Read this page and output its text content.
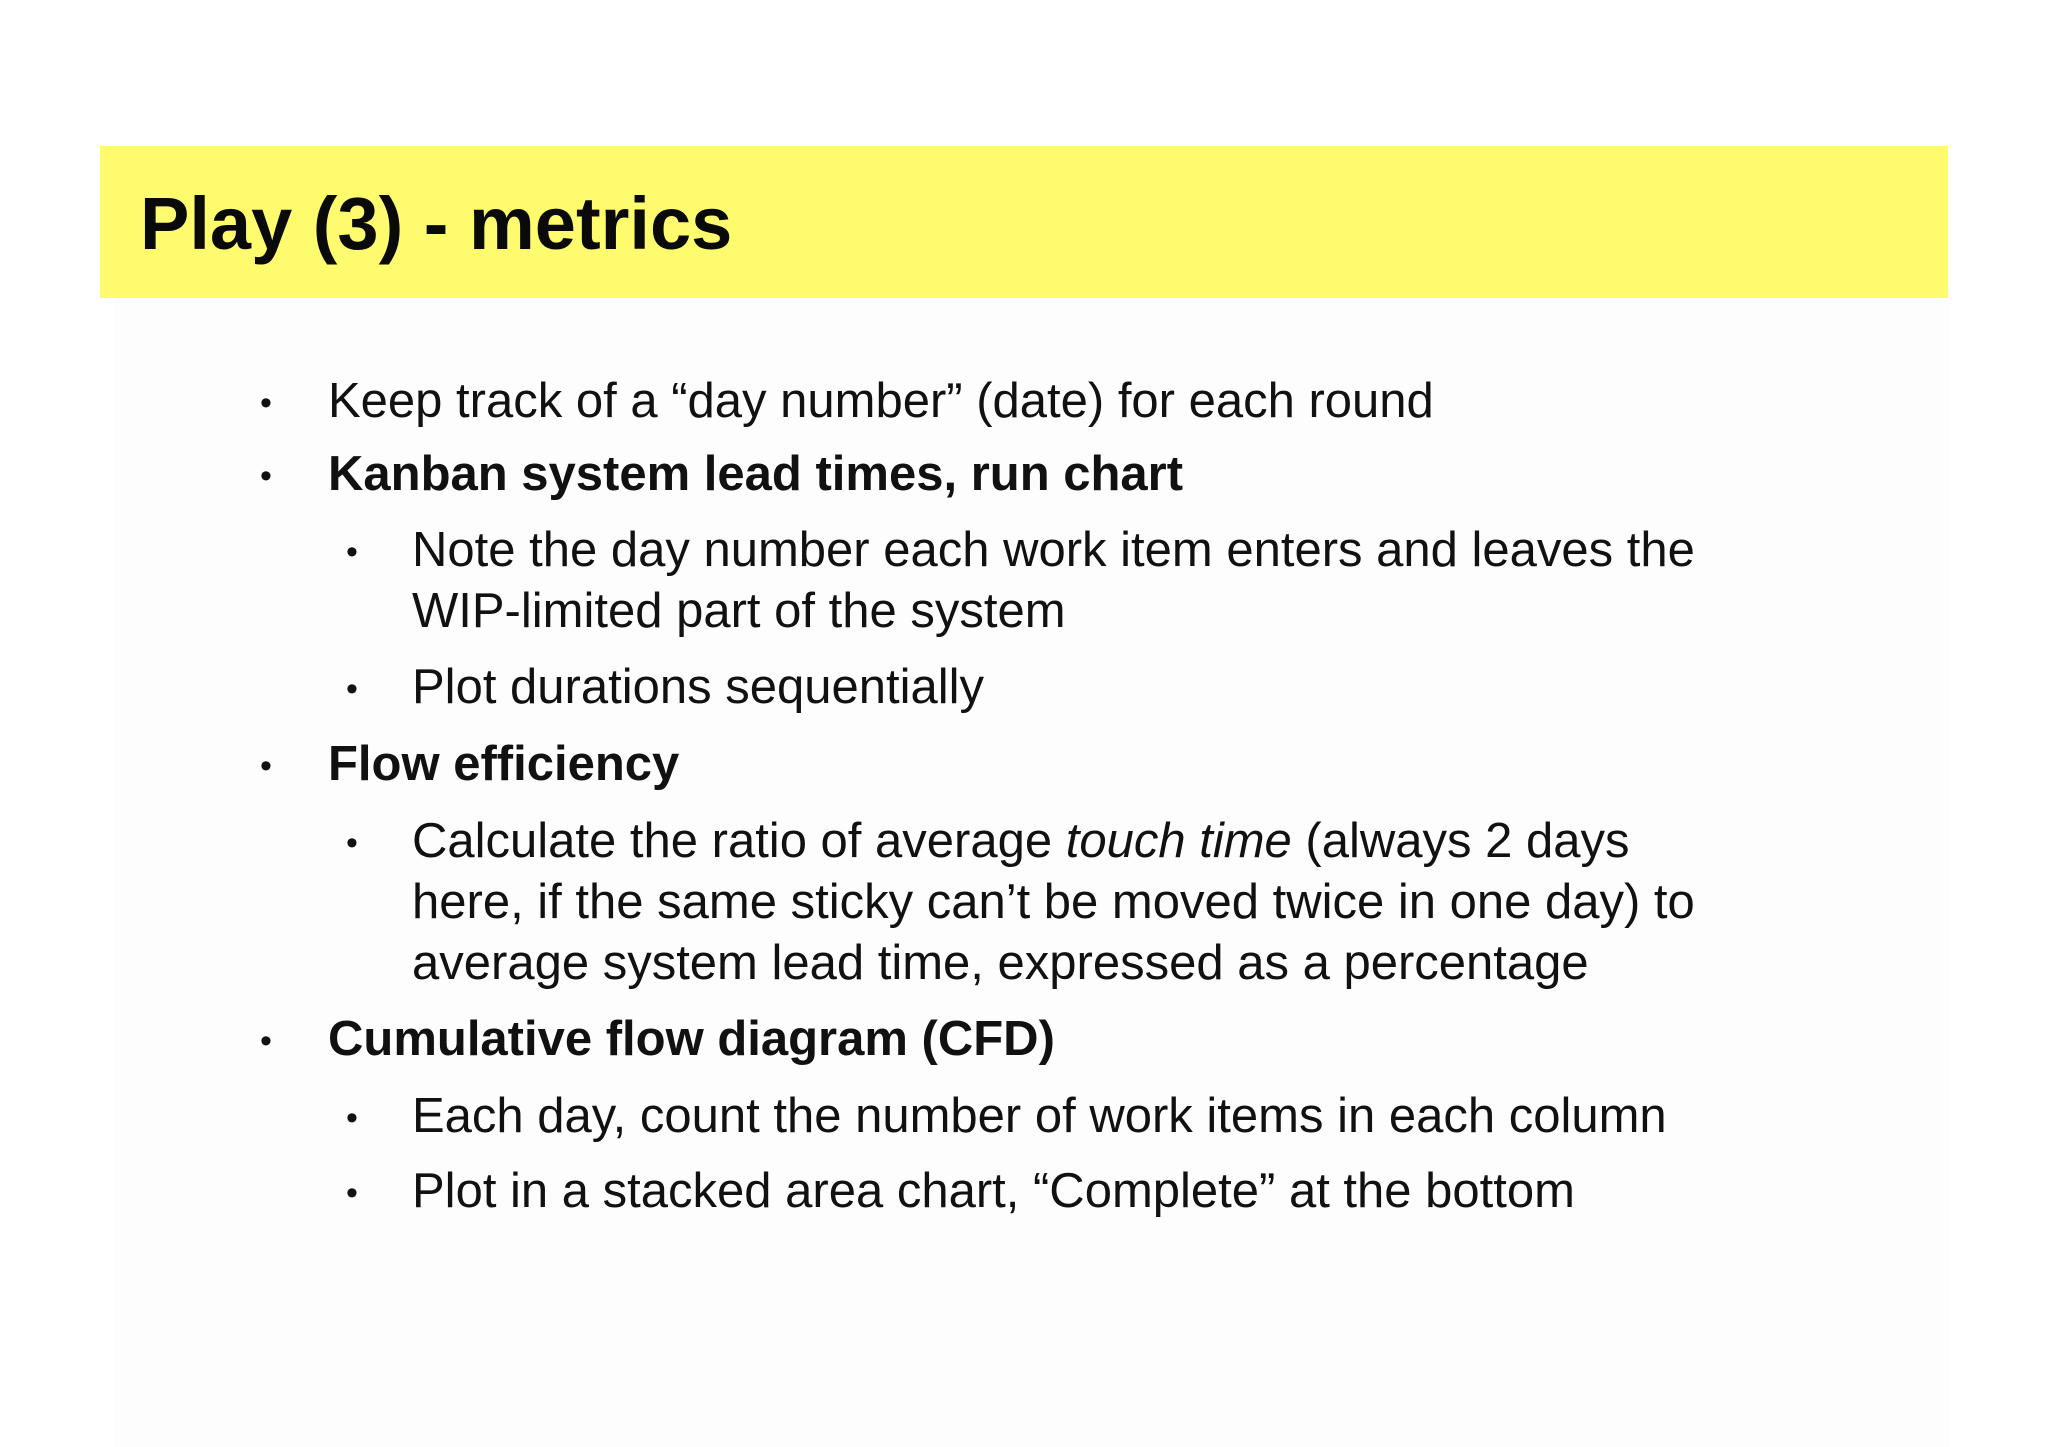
Play (3) - metrics
• Keep track of a “day number” (date) for each round
• Kanban system lead times, run chart
• Note the day number each work item enters and leaves the
WIP-limited part of the system
• Plot durations sequentially
• Flow efficiency
• Calculate the ratio of average touch time (always 2 days
here, if the same sticky can’t be moved twice in one day) to
average system lead time, expressed as a percentage
• Cumulative flow diagram (CFD)
• Each day, count the number of work items in each column
• Plot in a stacked area chart, “Complete” at the bottom
